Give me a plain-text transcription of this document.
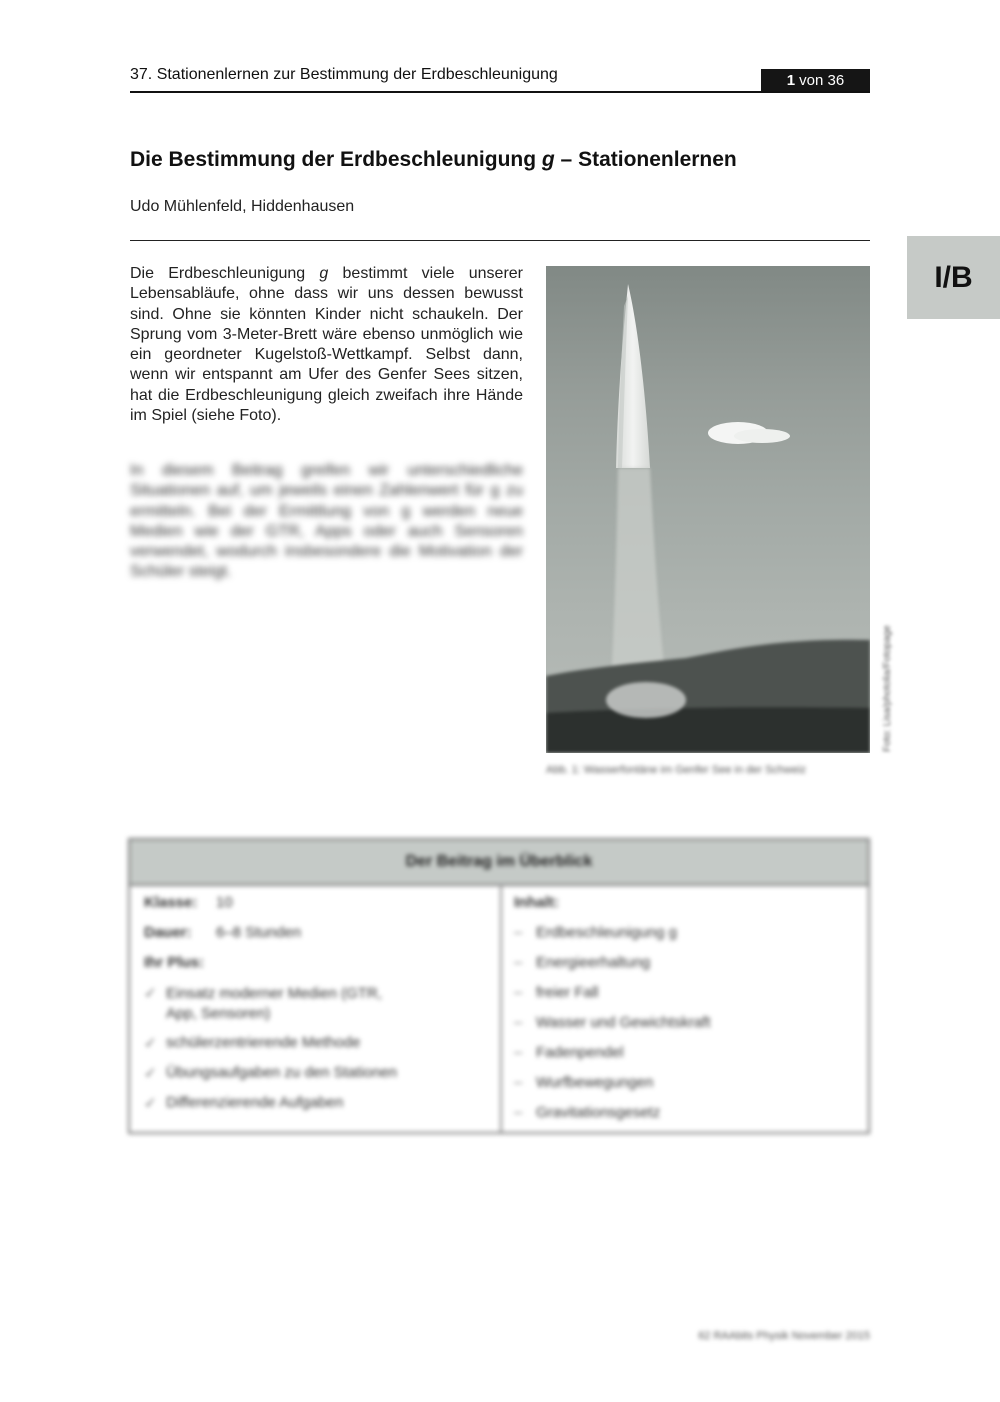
37. Stationenlernen zur Bestimmung der Erdbeschleunigung	1 von 36
I/B
Die Bestimmung der Erdbeschleunigung g – Stationenlernen
Udo Mühlenfeld, Hiddenhausen
Die Erdbeschleunigung g bestimmt viele unserer Lebensabläufe, ohne dass wir uns dessen bewusst sind. Ohne sie könnten Kinder nicht schaukeln. Der Sprung vom 3-Meter-Brett wäre ebenso unmöglich wie ein geordneter Kugelstoß-Wettkampf. Selbst dann, wenn wir entspannt am Ufer des Genfer Sees sitzen, hat die Erdbeschleunigung gleich zweifach ihre Hände im Spiel (siehe Foto).
In diesem Beitrag greifen wir unterschiedliche Situationen auf, um jeweils einen Zahlenwert für g zu ermitteln. Bei der Ermittlung von g werden neue Medien wie der GTR, Apps oder auch Sensoren verwendet, wodurch insbesondere die Motivation der Schüler steigt.
Foto: Lisa/photolia/Fotopage
Abb. 1: Wasserfontäne im Genfer See in der Schweiz
Der Beitrag im Überblick
Klasse:	10
Dauer:	6–8 Stunden
Ihr Plus:
✓ Einsatz moderner Medien (GTR, App, Sensoren)
✓ schülerzentrierende Methode
✓ Übungsaufgaben zu den Stationen
✓ Differenzierende Aufgaben
Inhalt:
– Erdbeschleunigung g
– Energieerhaltung
– freier Fall
– Wasser und Gewichtskraft
– Fadenpendel
– Wurfbewegungen
– Gravitationsgesetz
62 RAAbits Physik November 2015
